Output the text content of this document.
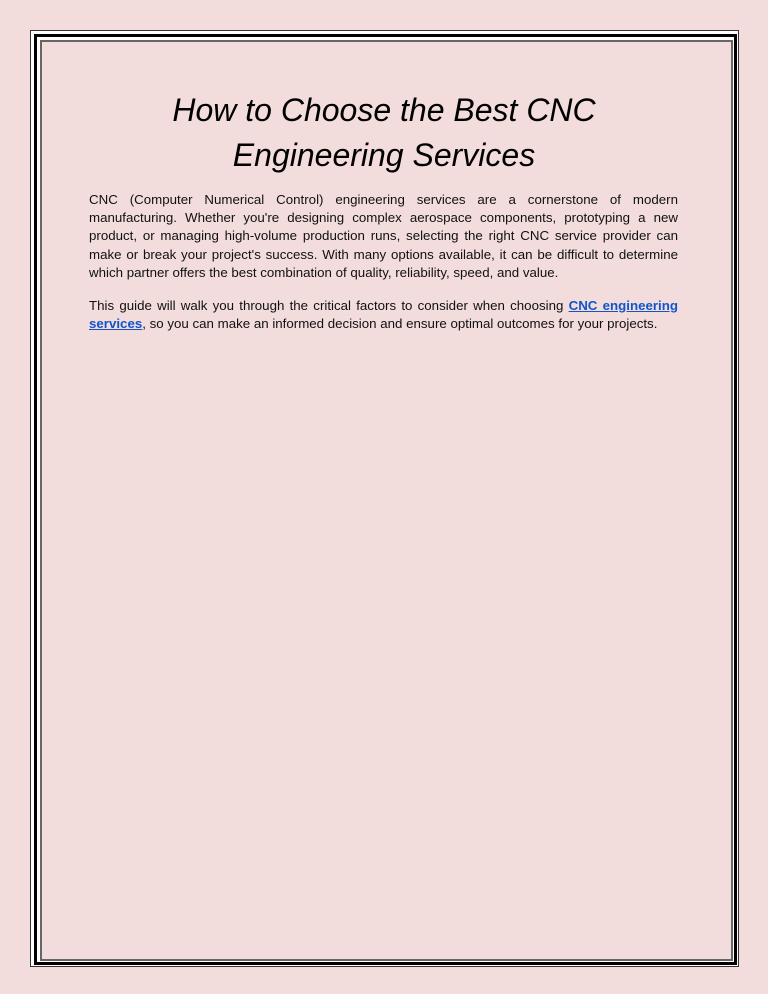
How to Choose the Best CNC Engineering Services

CNC (Computer Numerical Control) engineering services are a cornerstone of modern manufacturing. Whether you're designing complex aerospace components, prototyping a new product, or managing high-volume production runs, selecting the right CNC service provider can make or break your project's success. With many options available, it can be difficult to determine which partner offers the best combination of quality, reliability, speed, and value.

This guide will walk you through the critical factors to consider when choosing CNC engineering services, so you can make an informed decision and ensure optimal outcomes for your projects.
